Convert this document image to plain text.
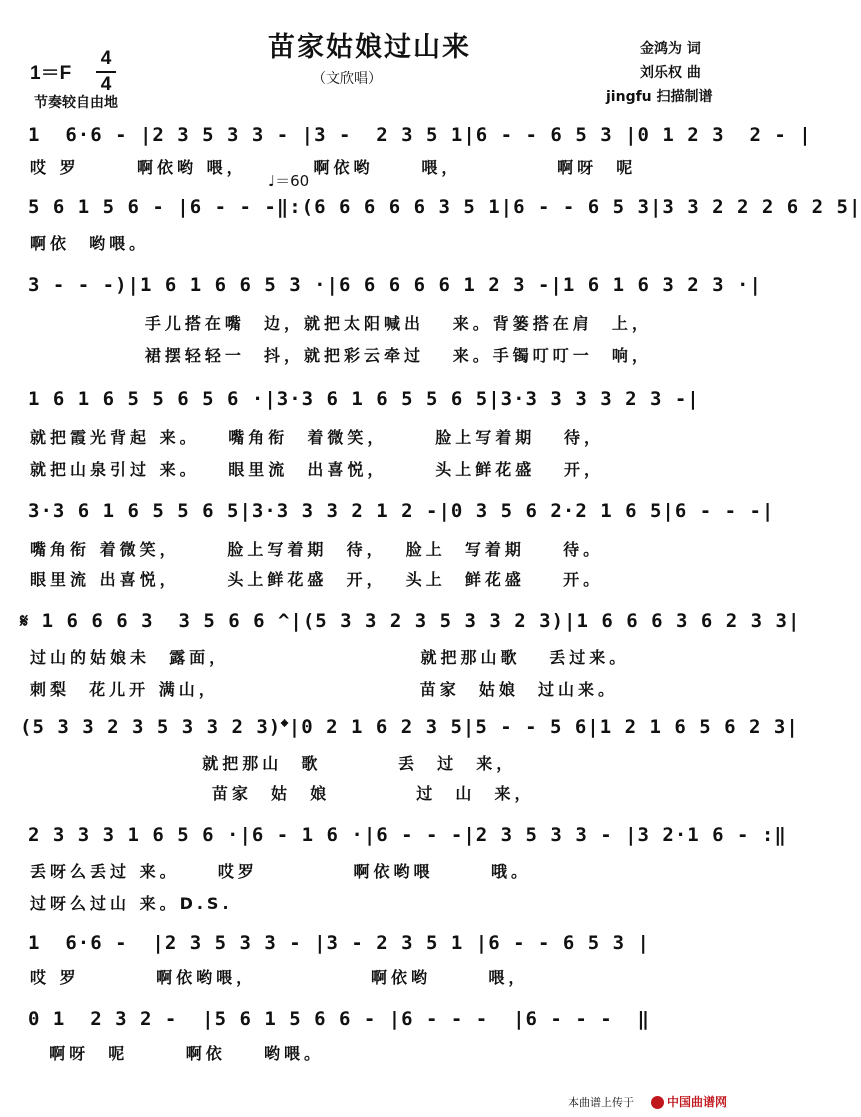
苗家姑娘过山来
（文欣唱）
金鸿为 词
刘乐权 曲
jingfu 扫描制谱
1＝F
4
4
节奏较自由地
♩＝60
1  6·6 - |2 3 5 3 3 - |3 -  2 3 5 1|6 - - 6 5 3 |0 1 2 3  2 - |
哎 罗      啊依哟 喂，       啊依哟     喂，          啊呀  呢
5 6 1 5 6 - |6 - - -‖:(6 6 6 6 6 3 5 1|6 - - 6 5 3|3 3 2 2 2 6 2 5|
啊依  哟喂。
3 - - -)|1 6 1 6 6 5 3 ·|6 6 6 6 6 1 2 3 -|1 6 1 6 3 2 3 ·|
手儿搭在嘴  边，就把太阳喊出   来。背篓搭在肩  上，
裙摆轻轻一  抖，就把彩云牵过   来。手镯叮叮一  响，
1 6 1 6 5 5 6 5 6 ·|3·3 6 1 6 5 5 6 5|3·3 3 3 3 2 3 -|
就把霞光背起 来。   嘴角衔  着微笑，     脸上写着期   待，
就把山泉引过 来。   眼里流  出喜悦，     头上鲜花盛   开，
3·3 6 1 6 5 5 6 5|3·3 3 3 2 1 2 -|0 3 5 6 2·2 1 6 5|6 - - -|
嘴角衔 着微笑，     脸上写着期  待，  脸上  写着期    待。
眼里流 出喜悦，     头上鲜花盛  开，  头上  鲜花盛    开。
𝄋 1 6 6 6 3  3 5 6 6 ^|(5 3 3 2 3 5 3 3 2 3)|1 6 6 6 3 6 2 3 3|
过山的姑娘未  露面，                    就把那山歌   丢过来。
刺梨  花儿开 满山，                     苗家  姑娘  过山来。
(5 3 3 2 3 5 3 3 2 3)𝄌|0 2 1 6 2 3 5|5 - - 5 6|1 2 1 6 5 6 2 3|
就把那山  歌        丢  过  来，
苗家  姑  娘         过  山  来，
2 3 3 3 1 6 5 6 ·|6 - 1 6 ·|6 - - -|2 3 5 3 3 - |3 2·1 6 - :‖
丢呀么丢过 来。    哎罗          啊依哟喂      哦。
过呀么过山 来。D.S.
1  6·6 -  |2 3 5 3 3 - |3 - 2 3 5 1 |6 - - 6 5 3 |
哎 罗        啊依哟喂，            啊依哟      喂，
0 1  2 3 2 -  |5 6 1 5 6 6 - |6 - - -  |6 - - -  ‖
啊呀  呢      啊依    哟喂。
本曲谱上传于	中国曲谱网
